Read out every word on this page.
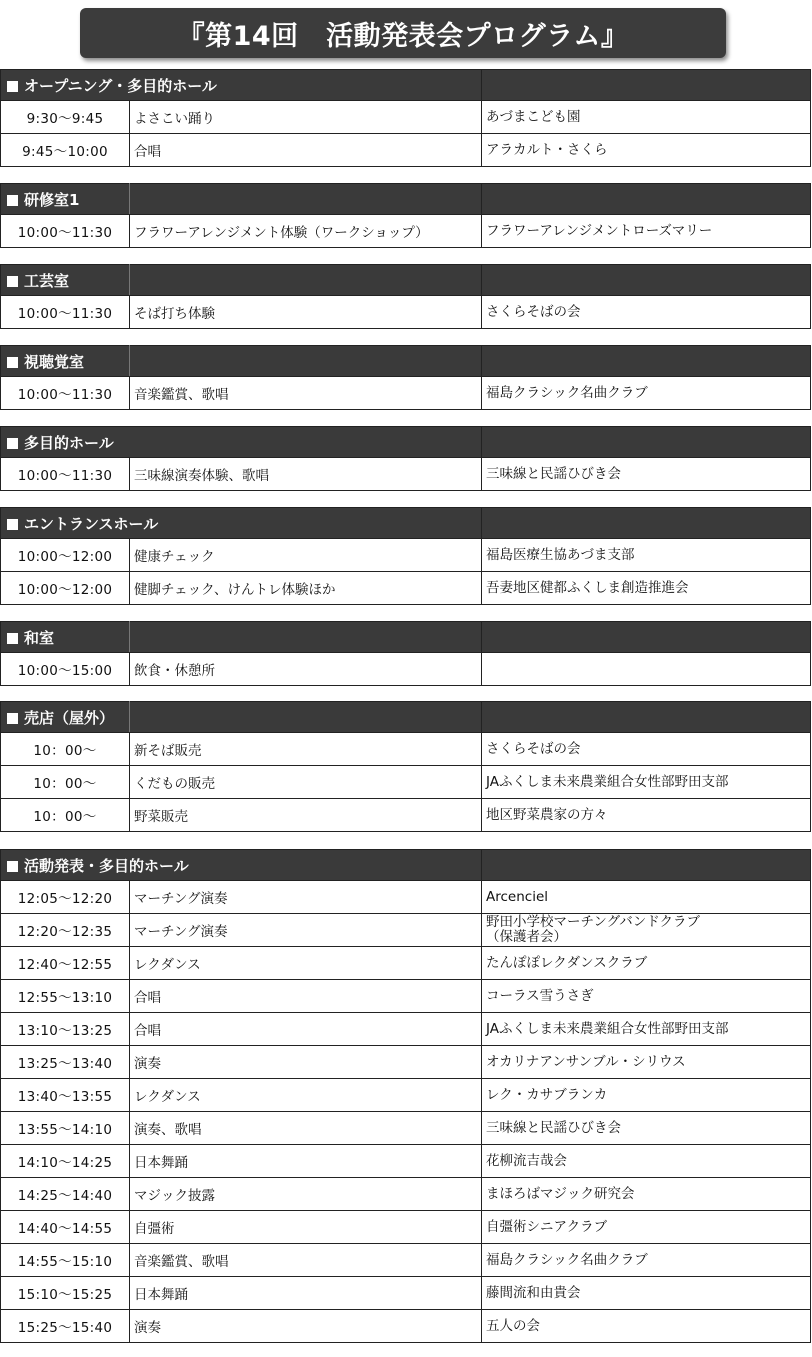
『第14回　活動発表会プログラム』
オープニング・多目的ホール		
9:30～9:45	よさこい踊り	あづまこども園
9:45～10:00	合唱	アラカルト・さくら
研修室1		
10:00～11:30	フラワーアレンジメント体験（ワークショップ）	フラワーアレンジメントローズマリー
工芸室		
10:00～11:30	そば打ち体験	さくらそばの会
視聴覚室		
10:00～11:30	音楽鑑賞、歌唱	福島クラシック名曲クラブ
多目的ホール		
10:00～11:30	三味線演奏体験、歌唱	三味線と民謡ひびき会
エントランスホール		
10:00～12:00	健康チェック	福島医療生協あづま支部
10:00～12:00	健脚チェック、けんトレ体験ほか	吾妻地区健都ふくしま創造推進会
和室		
10:00～15:00	飲食・休憩所	
売店（屋外）		
10：00～	新そば販売	さくらそばの会
10：00～	くだもの販売	JAふくしま未来農業組合女性部野田支部
10：00～	野菜販売	地区野菜農家の方々
活動発表・多目的ホール		
12:05～12:20	マーチング演奏	Arcenciel
12:20～12:35	マーチング演奏	野田小学校マーチングバンドクラブ
（保護者会）

12:40～12:55	レクダンス	たんぽぽレクダンスクラブ
12:55～13:10	合唱	コーラス雪うさぎ
13:10～13:25	合唱	JAふくしま未来農業組合女性部野田支部
13:25～13:40	演奏	オカリナアンサンブル・シリウス
13:40～13:55	レクダンス	レク・カサブランカ
13:55～14:10	演奏、歌唱	三味線と民謡ひびき会
14:10～14:25	日本舞踊	花柳流吉哉会
14:25～14:40	マジック披露	まほろばマジック研究会
14:40～14:55	自彊術	自彊術シニアクラブ
14:55～15:10	音楽鑑賞、歌唱	福島クラシック名曲クラブ
15:10～15:25	日本舞踊	藤間流和由貴会
15:25～15:40	演奏	五人の会
